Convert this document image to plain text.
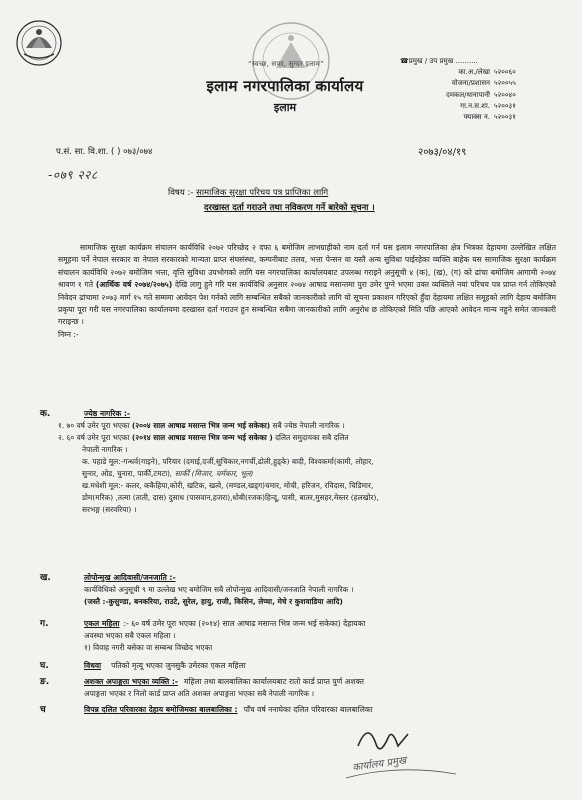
“स्वच्छ, सफा, सुन्दर इलाम”
इलाम नगरपालिका कार्यालय
इलाम
☎प्रमुख / उप प्रमुख ..........
का.अ./लेखा ५२००६०
योजना/प्रशासन ५२००५५
दमकल/थानापानी ५२००४०
गा.न.स.शा. ५२००३१
फ्याक्स न. ५२००३१
प.सं. सा. वि.शा. ( ) ०७३/०७४	२०७३/०४/१९
-०७९ २२८
विषय :- सामाजिक सुरक्षा परिचय पत्र प्राप्तिका लागि
दरखास्त दर्ता गराउने तथा नविकरण गर्ने बारेको सूचना ।
सामाजिक सुरक्षा कार्यक्रम संचालन कार्यविधि २०७२ परिच्छेद २ दफा ६ बमोजिम लाभग्राहीको नाम दर्ता गर्न यस इलाम नगरपालिका क्षेत्र भित्रका देहायमा उल्लेखित लक्षित समूहमा पर्ने नेपाल सरकार वा नेपाल सरकारको मान्यता प्राप्त संघसंस्था, कम्पनीबाट तलव, भत्ता पेन्सन वा यस्तै अन्य सुविधा पाईरहेका व्यक्ति बाहेक यस सामाजिक सुरक्षा कार्यक्रम संचालन कार्यविधि २०७२ बमोजिम भत्ता, वृत्ति सुविधा उपभोगको लागि यस नगरपालिका कार्यालयबाट उपलब्ध गराइने अनुसूची ४ (क), (ख), (ग) को ढांचा बमोजिम आगामी २०७४ श्रावण १ गते (आर्थिक वर्ष २०७४/२०७५) देखि लागु हुने गरि यस कार्यविधि अनुसार २०७४ आषाढ मसान्तमा पुरा उमेर पुग्ने भएमा उक्त व्यक्तिले नयां परिचय पत्र प्राप्त गर्न तोकिएको निवेदन ढांचामा २०७३ मार्ग १५ गते सम्ममा आवेदन पेश गर्नको लागि सम्बन्धित सबैको जानकारीको लागि यो सूचना प्रकाशन गरिएको हुँदा देहायमा लक्षित समूहको लागि देहाय बमोजिम प्रकृया पूरा गरी यस नगरपालिका कार्यालयमा दरखास्त दर्ता गराउन हुन सम्बन्धित सबैमा जानकारीको लागि अनुरोध छ तोकिएको मिति पछि आएको आवेदन मान्य नहुने समेत जानकारी गराइन्छ ।
निम्न :-
क.	ज्येष्ठ नागरिक :-
१. ७० वर्ष उमेर पूरा भएका (२००४ साल आषाढ मसान्त भित्र जन्म भई सकेका) सबै ज्येष्ठ नेपाली नागरिक ।
२. ६० वर्ष उमेर पूरा भएका (२०१४ साल आषाढ मसान्त भित्र जन्म भई सकेका ) दलित समुदायका सबै दलित
नेपाली नागरिक ।
क. पहाडे मूल:-गन्धर्व(गाइने), परियार (दमाई,दर्जी,सुचिकार,नगर्ची,ढोली,हुड्के) बादी, विश्वकर्मा(कामी, लोहार,
सुनार, ओड, चुनारा, पार्की,टमटा), सार्की (मिजार, चर्मकार, भूल)
ख.मधेशी मूल:- कलर, ककैहिया,कोरी, खटिक, खत्वे, (मण्डल,खड्ग)चमार, मोची, हरिजन, रविदास, चिडिमार,
डोम(मरिक) ,तत्मा (ताती, दास) दुसाध (पासवान,हजरा),धोबी(रजक)हिन्दू, पासी, बातर,मुसहर,मेस्तर (हलखोर),
सरभङ्ग (सरवरिया) ।
ख.	लोपोन्मुख आदिवासी/जनजाति :-
कार्यविधिको अनुसूची ९ मा उल्लेख भए बमोजिम सबै लोपोन्मुख आदिवासी/जनजाति नेपाली नागरिक ।
(जस्तै :-कुसुण्डा, बनकरिया, राउटे, सुरेल, हायु, राजी, किसिन, लेप्चा, मेचे र कुशवाडिया आदि)
ग.	एकल महिला :- ६० वर्ष उमेर पूरा भएका (२०१४) साल आषाढ मसान्त भित्र जन्म भई सकेका) देहायका
अवस्था भएका सबै एकल महिला ।
१) विवाह नगरी बसेका वा सम्बन्ध विच्छेद भएका
घ.	विधवा	पतिको मृत्यू भएका जुनसुकै उमेरका एकल महिला
ङ.	अशक्त अपाङ्गता भएका व्यक्ति :- महिला तथा बालबालिका कार्यालयबाट रातो कार्ड प्राप्त पुर्ण अशक्त
अपाङ्गता भएका र निलो कार्ड प्राप्त अति अशक्त अपाङ्गता भएका सबै नेपाली नागरिक ।
च	विपन्न दलित परिवारका देहाय बमोजिमका बालबालिका : पाँच वर्ष ननाघेका दलित परिवारका बालबालिका
कार्यालय प्रमुख
